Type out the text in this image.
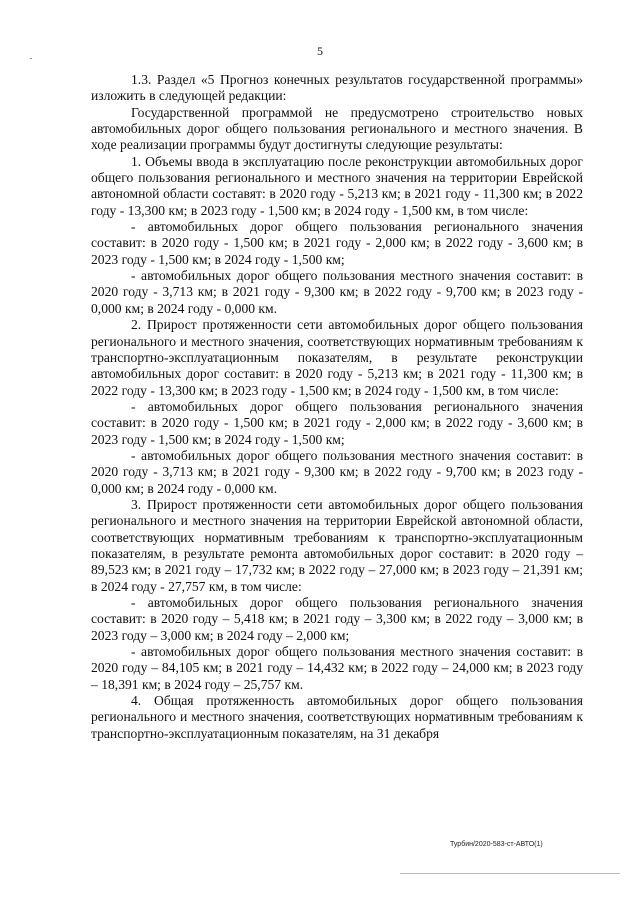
5

1.3. Раздел «5 Прогноз конечных результатов государственной программы» изложить в следующей редакции:

Государственной программой не предусмотрено строительство новых автомобильных дорог общего пользования регионального и местного значения. В ходе реализации программы будут достигнуты следующие результаты:

1. Объемы ввода в эксплуатацию после реконструкции автомобильных дорог общего пользования регионального и местного значения на территории Еврейской автономной области составят: в 2020 году - 5,213 км; в 2021 году - 11,300 км; в 2022 году - 13,300 км; в 2023 году - 1,500 км; в 2024 году - 1,500 км, в том числе:

- автомобильных дорог общего пользования регионального значения составит: в 2020 году - 1,500 км; в 2021 году - 2,000 км; в 2022 году - 3,600 км; в 2023 году - 1,500 км; в 2024 году - 1,500 км;

- автомобильных дорог общего пользования местного значения составит: в 2020 году - 3,713 км; в 2021 году - 9,300 км; в 2022 году - 9,700 км; в 2023 году - 0,000 км; в 2024 году - 0,000 км.

2. Прирост протяженности сети автомобильных дорог общего пользования регионального и местного значения, соответствующих нормативным требованиям к транспортно-эксплуатационным показателям, в результате реконструкции автомобильных дорог составит: в 2020 году - 5,213 км; в 2021 году - 11,300 км; в 2022 году - 13,300 км; в 2023 году - 1,500 км; в 2024 году - 1,500 км, в том числе:

- автомобильных дорог общего пользования регионального значения составит: в 2020 году - 1,500 км; в 2021 году - 2,000 км; в 2022 году - 3,600 км; в 2023 году - 1,500 км; в 2024 году - 1,500 км;

- автомобильных дорог общего пользования местного значения составит: в 2020 году - 3,713 км; в 2021 году - 9,300 км; в 2022 году - 9,700 км; в 2023 году - 0,000 км; в 2024 году - 0,000 км.

3. Прирост протяженности сети автомобильных дорог общего пользования регионального и местного значения на территории Еврейской автономной области, соответствующих нормативным требованиям к транспортно-эксплуатационным показателям, в результате ремонта автомобильных дорог составит: в 2020 году – 89,523 км; в 2021 году – 17,732 км; в 2022 году – 27,000 км; в 2023 году – 21,391 км; в 2024 году - 27,757 км, в том числе:

- автомобильных дорог общего пользования регионального значения составит: в 2020 году – 5,418 км; в 2021 году – 3,300 км; в 2022 году – 3,000 км; в 2023 году – 3,000 км; в 2024 году – 2,000 км;

- автомобильных дорог общего пользования местного значения составит: в 2020 году – 84,105 км; в 2021 году – 14,432 км; в 2022 году – 24,000 км; в 2023 году – 18,391 км; в 2024 году – 25,757 км.

4. Общая протяженность автомобильных дорог общего пользования регионального и местного значения, соответствующих нормативным требованиям к транспортно-эксплуатационным показателям, на 31 декабря

Турбин/2020-583-ст-АВТО(1)
